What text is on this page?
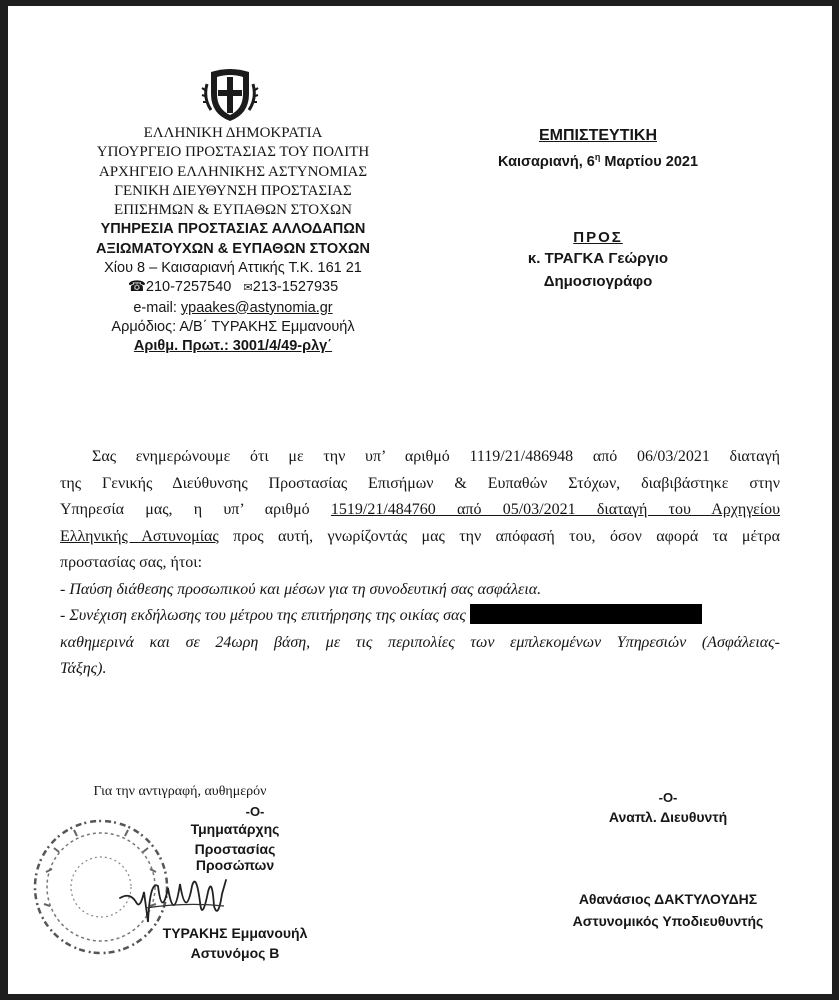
ΕΛΛΗΝΙΚΗ ΔΗΜΟΚΡΑΤΙΑ
ΥΠΟΥΡΓΕΙΟ ΠΡΟΣΤΑΣΙΑΣ ΤΟΥ ΠΟΛΙΤΗ
ΑΡΧΗΓΕΙΟ ΕΛΛΗΝΙΚΗΣ ΑΣΤΥΝΟΜΙΑΣ
ΓΕΝΙΚΗ ΔΙΕΥΘΥΝΣΗ ΠΡΟΣΤΑΣΙΑΣ
ΕΠΙΣΗΜΩΝ & ΕΥΠΑΘΩΝ ΣΤΟΧΩΝ
ΥΠΗΡΕΣΙΑ ΠΡΟΣΤΑΣΙΑΣ ΑΛΛΟΔΑΠΩΝ
ΑΞΙΩΜΑΤΟΥΧΩΝ & ΕΥΠΑΘΩΝ ΣΤΟΧΩΝ
Χίου 8 – Καισαριανή Αττικής Τ.Κ. 161 21
☎210-7257540 ✉213-1527935
e-mail: ypaakes@astynomia.gr
Αρμόδιος: Α/Β΄ ΤΥΡΑΚΗΣ Εμμανουήλ
Αριθμ. Πρωτ.: 3001/4/49-ρλγ΄
ΕΜΠΙΣΤΕΥΤΙΚΗ
Καισαριανή, $6^\eta$ Μαρτίου 2021
ΠΡΟΣ
κ. ΤΡΑΓΚΑ Γεώργιο
Δημοσιογράφο

Σας ενημερώνουμε ότι με την υπ’ αριθμό 1119/21/486948 από 06/03/2021 διαταγή

της Γενικής Διεύθυνσης Προστασίας Επισήμων & Ευπαθών Στόχων, διαβιβάστηκε στην

Υπηρεσία μας, η υπ’ αριθμό 1519/21/484760 από 05/03/2021 διαταγή του Αρχηγείου

Ελληνικής Αστυνομίας προς αυτή, γνωρίζοντάς μας την απόφασή του, όσον αφορά τα μέτρα

προστασίας σας, ήτοι:

- Παύση διάθεσης προσωπικού και μέσων για τη συνοδευτική σας ασφάλεια.

- Συνέχιση εκδήλωσης του μέτρου της επιτήρησης της οικίας σας

καθημερινά και σε 24ωρη βάση, με τις περιπολίες των εμπλεκομένων Υπηρεσιών (Ασφάλειας-

Τάξης).

Για την αντιγραφή, αυθημερόν
-Ο-
Τμηματάρχης
Προστασίας Προσώπων
ΤΥΡΑΚΗΣ Εμμανουήλ
Αστυνόμος Β
-Ο-
Αναπλ. Διευθυντή
Αθανάσιος ΔΑΚΤΥΛΟΥΔΗΣ
Αστυνομικός Υποδιευθυντής
